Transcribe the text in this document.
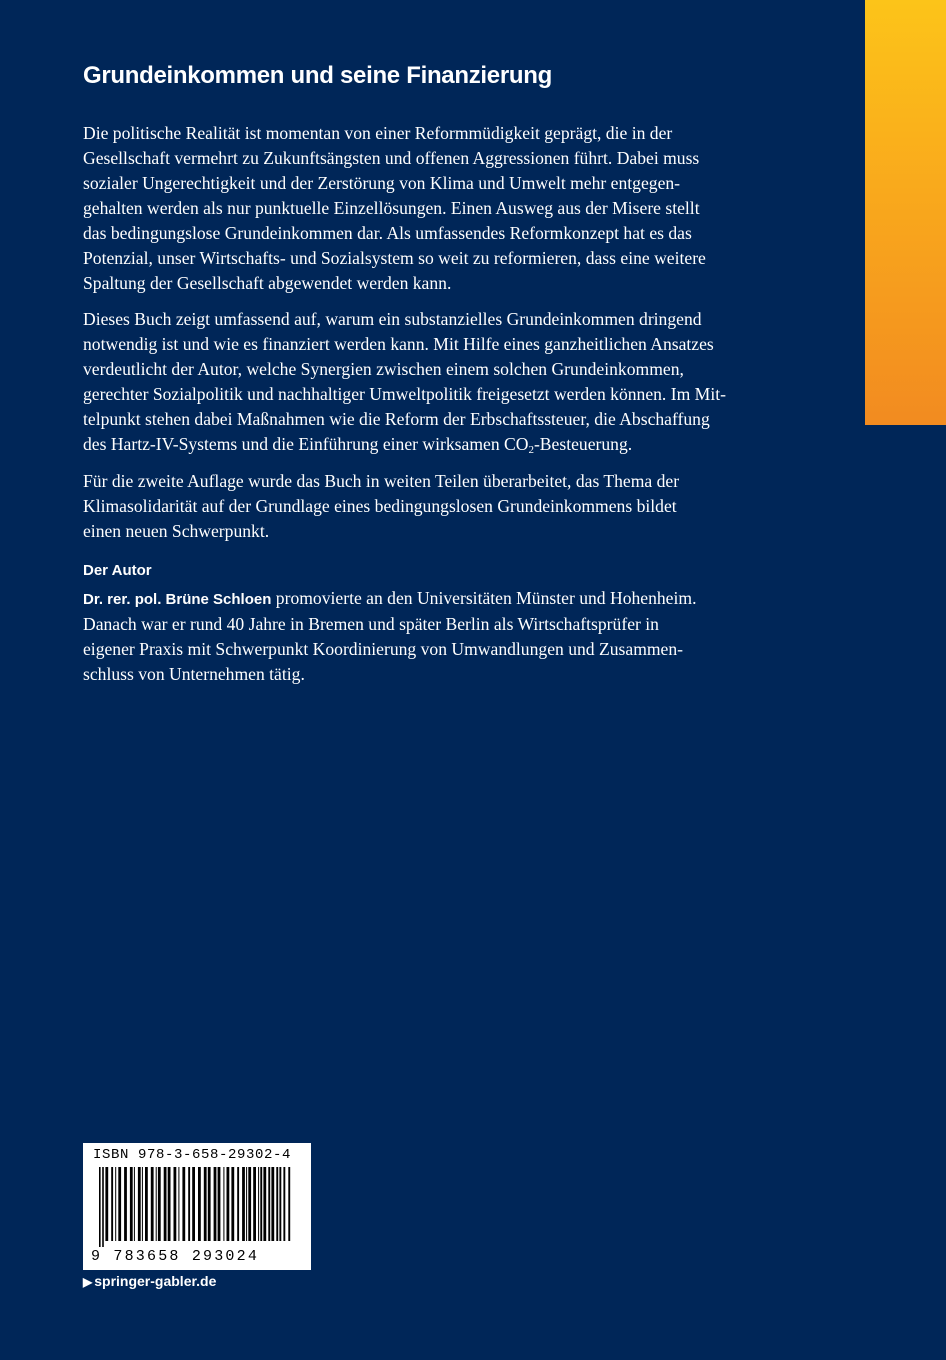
Grundeinkommen und seine Finanzierung

Die politische Realität ist momentan von einer Reformmüdigkeit geprägt, die in der
Gesellschaft vermehrt zu Zukunftsängsten und offenen Aggressionen führt. Dabei muss
sozialer Ungerechtigkeit und der Zerstörung von Klima und Umwelt mehr entgegen-
gehalten werden als nur punktuelle Einzellösungen. Einen Ausweg aus der Misere stellt
das bedingungslose Grundeinkommen dar. Als umfassendes Reformkonzept hat es das
Potenzial, unser Wirtschafts- und Sozialsystem so weit zu reformieren, dass eine weitere
Spaltung der Gesellschaft abgewendet werden kann.

Dieses Buch zeigt umfassend auf, warum ein substanzielles Grundeinkommen dringend
notwendig ist und wie es finanziert werden kann. Mit Hilfe eines ganzheitlichen Ansatzes
verdeutlicht der Autor, welche Synergien zwischen einem solchen Grundeinkommen,
gerechter Sozialpolitik und nachhaltiger Umweltpolitik freigesetzt werden können. Im Mit-
telpunkt stehen dabei Maßnahmen wie die Reform der Erbschaftssteuer, die Abschaffung
des Hartz-IV-Systems und die Einführung einer wirksamen $CO_2$-Besteuerung.

Für die zweite Auflage wurde das Buch in weiten Teilen überarbeitet, das Thema der
Klimasolidarität auf der Grundlage eines bedingungslosen Grundeinkommens bildet
einen neuen Schwerpunkt.

Der Autor

Dr. rer. pol. Brüne Schloen promovierte an den Universitäten Münster und Hohenheim.
Danach war er rund 40 Jahre in Bremen und später Berlin als Wirtschaftsprüfer in
eigener Praxis mit Schwerpunkt Koordinierung von Umwandlungen und Zusammen-
schluss von Unternehmen tätig.

ISBN 978-3-658-29302-4

9 783658 293024

▶ springer-gabler.de
